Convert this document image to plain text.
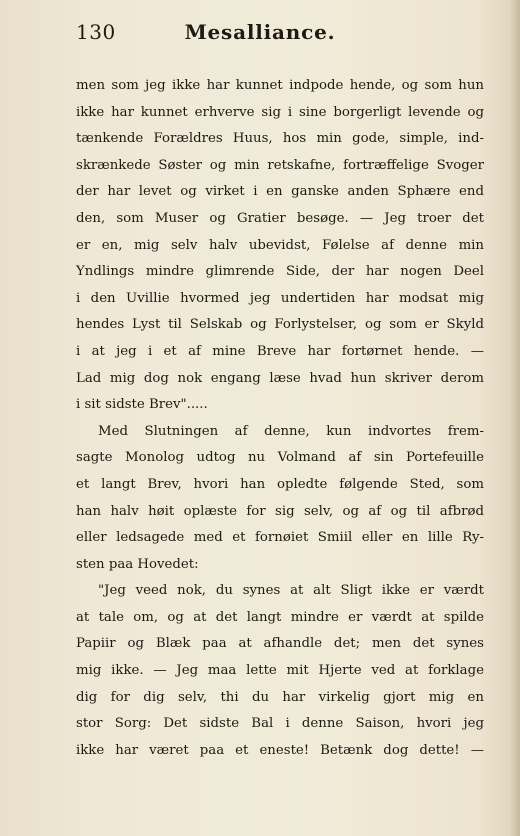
130	Mesalliance.
men som jeg ikke har kunnet indpode hende, og som hun
ikke har kunnet erhverve sig i sine borgerligt levende og
tænkende Forældres Huus, hos min gode, simple, ind-
skrænkede Søster og min retskafne, fortræffelige Svoger
der har levet og virket i en ganske anden Sphære end
den, som Muser og Gratier besøge. — Jeg troer det
er en, mig selv halv ubevidst, Følelse af denne min
Yndlings mindre glimrende Side, der har nogen Deel
i den Uvillie hvormed jeg undertiden har modsat mig
hendes Lyst til Selskab og Forlystelser, og som er Skyld
i at jeg i et af mine Breve har fortørnet hende. —
Lad mig dog nok engang læse hvad hun skriver derom
i sit sidste Brev".....
Med Slutningen af denne, kun indvortes frem-
sagte Monolog udtog nu Volmand af sin Portefeuille
et langt Brev, hvori han opledte følgende Sted, som
han halv høit oplæste for sig selv, og af og til afbrød
eller ledsagede med et fornøiet Smiil eller en lille Ry-
sten paa Hovedet:
"Jeg veed nok, du synes at alt Sligt ikke er værdt
at tale om, og at det langt mindre er værdt at spilde
Papiir og Blæk paa at afhandle det; men det synes
mig ikke. — Jeg maa lette mit Hjerte ved at forklage
dig for dig selv, thi du har virkelig gjort mig en
stor Sorg: Det sidste Bal i denne Saison, hvori jeg
ikke har været paa et eneste! Betænk dog dette! —
